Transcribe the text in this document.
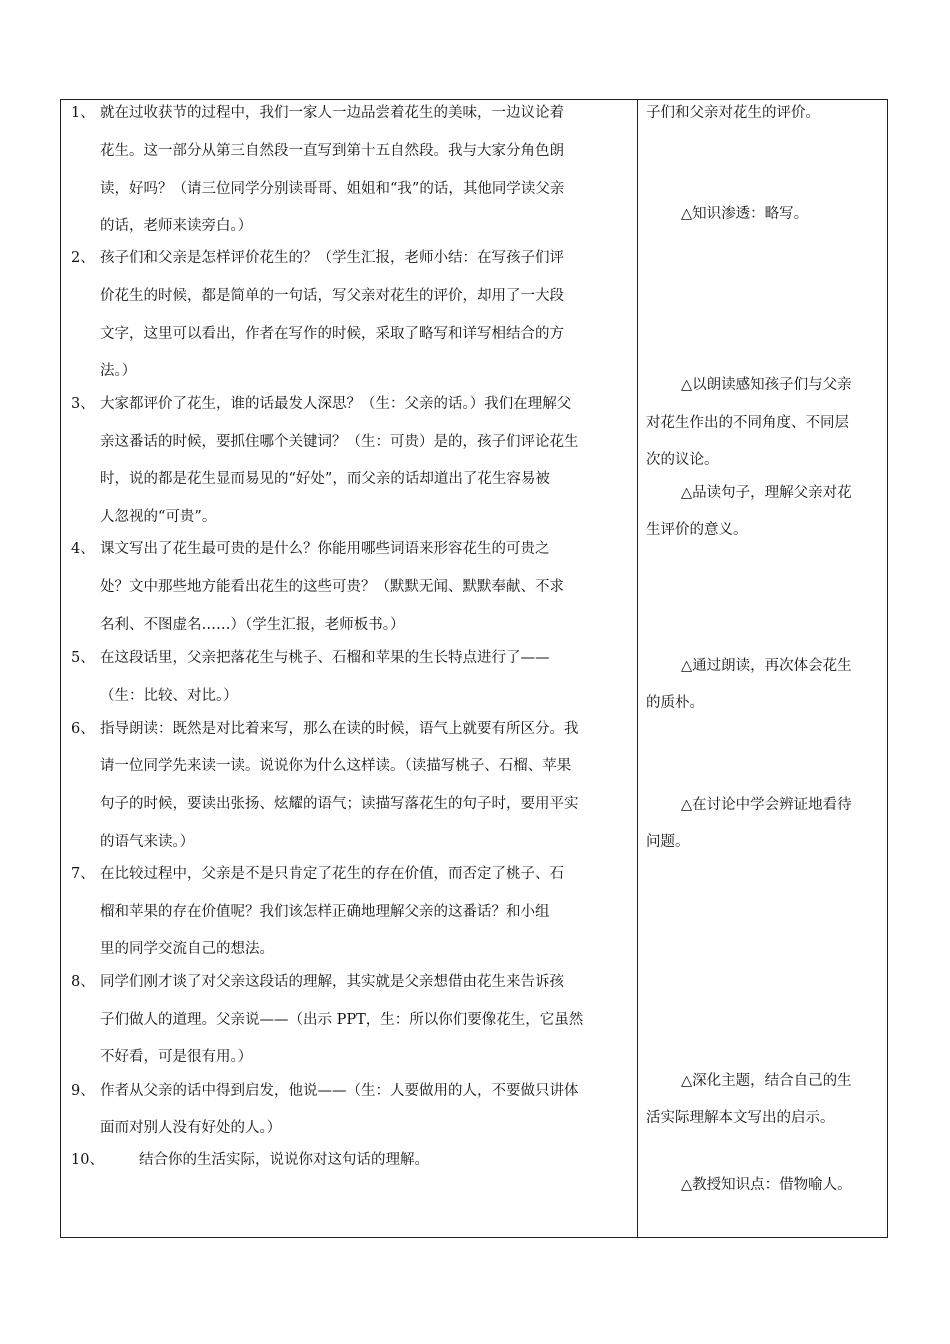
1、 就在过收获节的过程中，我们一家人一边品尝着花生的美味，一边议论着
花生。这一部分从第三自然段一直写到第十五自然段。我与大家分角色朗
读，好吗？（请三位同学分别读哥哥、姐姐和“我”的话，其他同学读父亲
的话，老师来读旁白。）
2、 孩子们和父亲是怎样评价花生的？（学生汇报，老师小结：在写孩子们评
价花生的时候，都是简单的一句话，写父亲对花生的评价，却用了一大段
文字，这里可以看出，作者在写作的时候，采取了略写和详写相结合的方
法。）
3、 大家都评价了花生，谁的话最发人深思？（生：父亲的话。）我们在理解父
亲这番话的时候，要抓住哪个关键词？（生：可贵）是的，孩子们评论花生
时，说的都是花生显而易见的“好处”，而父亲的话却道出了花生容易被
人忽视的“可贵”。
4、 课文写出了花生最可贵的是什么？你能用哪些词语来形容花生的可贵之
处？文中那些地方能看出花生的这些可贵？（默默无闻、默默奉献、不求
名利、不图虚名……）（学生汇报，老师板书。）
5、 在这段话里，父亲把落花生与桃子、石榴和苹果的生长特点进行了——
（生：比较、对比。）
6、 指导朗读：既然是对比着来写，那么在读的时候，语气上就要有所区分。我
请一位同学先来读一读。说说你为什么这样读。（读描写桃子、石榴、苹果
句子的时候，要读出张扬、炫耀的语气；读描写落花生的句子时，要用平实
的语气来读。）
7、 在比较过程中，父亲是不是只肯定了花生的存在价值，而否定了桃子、石
榴和苹果的存在价值呢？我们该怎样正确地理解父亲的这番话？和小组
里的同学交流自己的想法。
8、 同学们刚才谈了对父亲这段话的理解，其实就是父亲想借由花生来告诉孩
子们做人的道理。父亲说——（出示 PPT，生：所以你们要像花生，它虽然
不好看，可是很有用。）
9、 作者从父亲的话中得到启发，他说——（生：人要做用的人，不要做只讲体
面而对别人没有好处的人。）
10、 结合你的生活实际，说说你对这句话的理解。
子们和父亲对花生的评价。
△知识渗透：略写。
△以朗读感知孩子们与父亲
对花生作出的不同角度、不同层
次的议论。
△品读句子，理解父亲对花
生评价的意义。
△通过朗读，再次体会花生
的质朴。
△在讨论中学会辨证地看待
问题。
△深化主题，结合自己的生
活实际理解本文写出的启示。
△教授知识点：借物喻人。
